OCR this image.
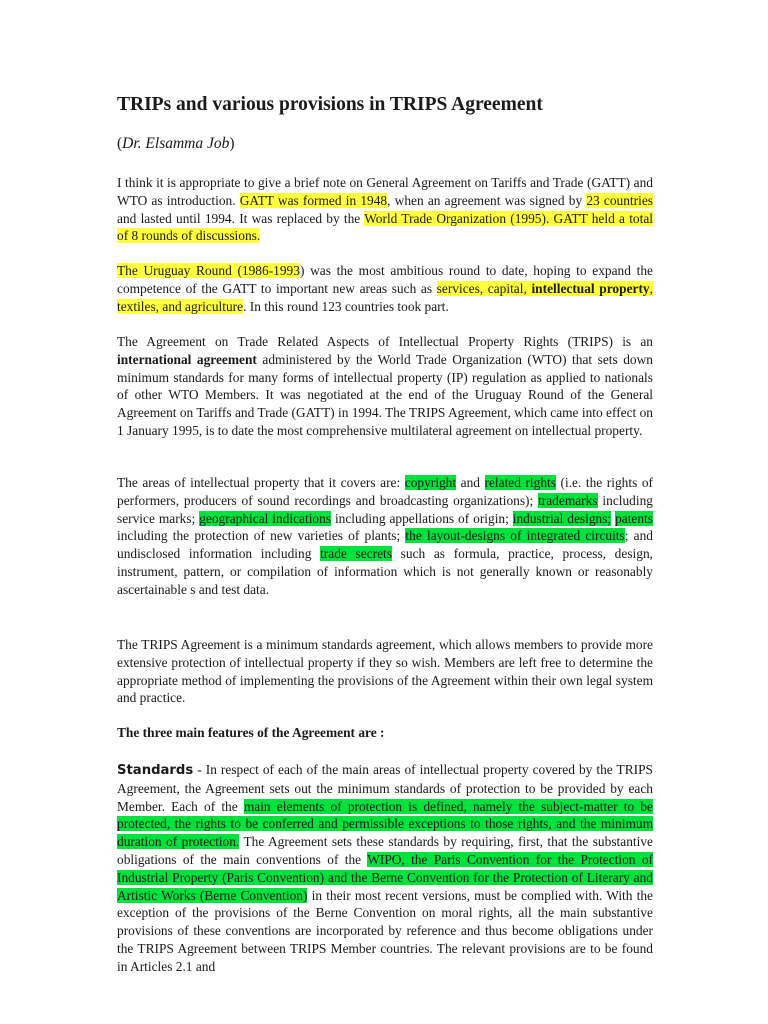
TRIPs and various provisions in TRIPS Agreement

(Dr. Elsamma Job)

I think it is appropriate to give a brief note on General Agreement on Tariffs and Trade (GATT) and WTO as introduction. GATT was formed in 1948, when an agreement was signed by 23 countries and lasted until 1994. It was replaced by the World Trade Organization (1995). GATT held a total of 8 rounds of discussions.

The Uruguay Round (1986-1993) was the most ambitious round to date, hoping to expand the competence of the GATT to important new areas such as services, capital, intellectual property, textiles, and agriculture. In this round 123 countries took part.

The Agreement on Trade Related Aspects of Intellectual Property Rights (TRIPS) is an international agreement administered by the World Trade Organization (WTO) that sets down minimum standards for many forms of intellectual property (IP) regulation as applied to nationals of other WTO Members. It was negotiated at the end of the Uruguay Round of the General Agreement on Tariffs and Trade (GATT) in 1994. The TRIPS Agreement, which came into effect on 1 January 1995, is to date the most comprehensive multilateral agreement on intellectual property.

The areas of intellectual property that it covers are: copyright and related rights (i.e. the rights of performers, producers of sound recordings and broadcasting organizations); trademarks including service marks; geographical indications including appellations of origin; industrial designs; patents including the protection of new varieties of plants; the layout-designs of integrated circuits; and undisclosed information including trade secrets such as formula, practice, process, design, instrument, pattern, or compilation of information which is not generally known or reasonably ascertainable s and test data.

The TRIPS Agreement is a minimum standards agreement, which allows members to provide more extensive protection of intellectual property if they so wish. Members are left free to determine the appropriate method of implementing the provisions of the Agreement within their own legal system and practice.

The three main features of the Agreement are :

Standards - In respect of each of the main areas of intellectual property covered by the TRIPS Agreement, the Agreement sets out the minimum standards of protection to be provided by each Member. Each of the main elements of protection is defined, namely the subject-matter to be protected, the rights to be conferred and permissible exceptions to those rights, and the minimum duration of protection. The Agreement sets these standards by requiring, first, that the substantive obligations of the main conventions of the WIPO, the Paris Convention for the Protection of Industrial Property (Paris Convention) and the Berne Convention for the Protection of Literary and Artistic Works (Berne Convention) in their most recent versions, must be complied with. With the exception of the provisions of the Berne Convention on moral rights, all the main substantive provisions of these conventions are incorporated by reference and thus become obligations under the TRIPS Agreement between TRIPS Member countries. The relevant provisions are to be found in Articles 2.1 and
